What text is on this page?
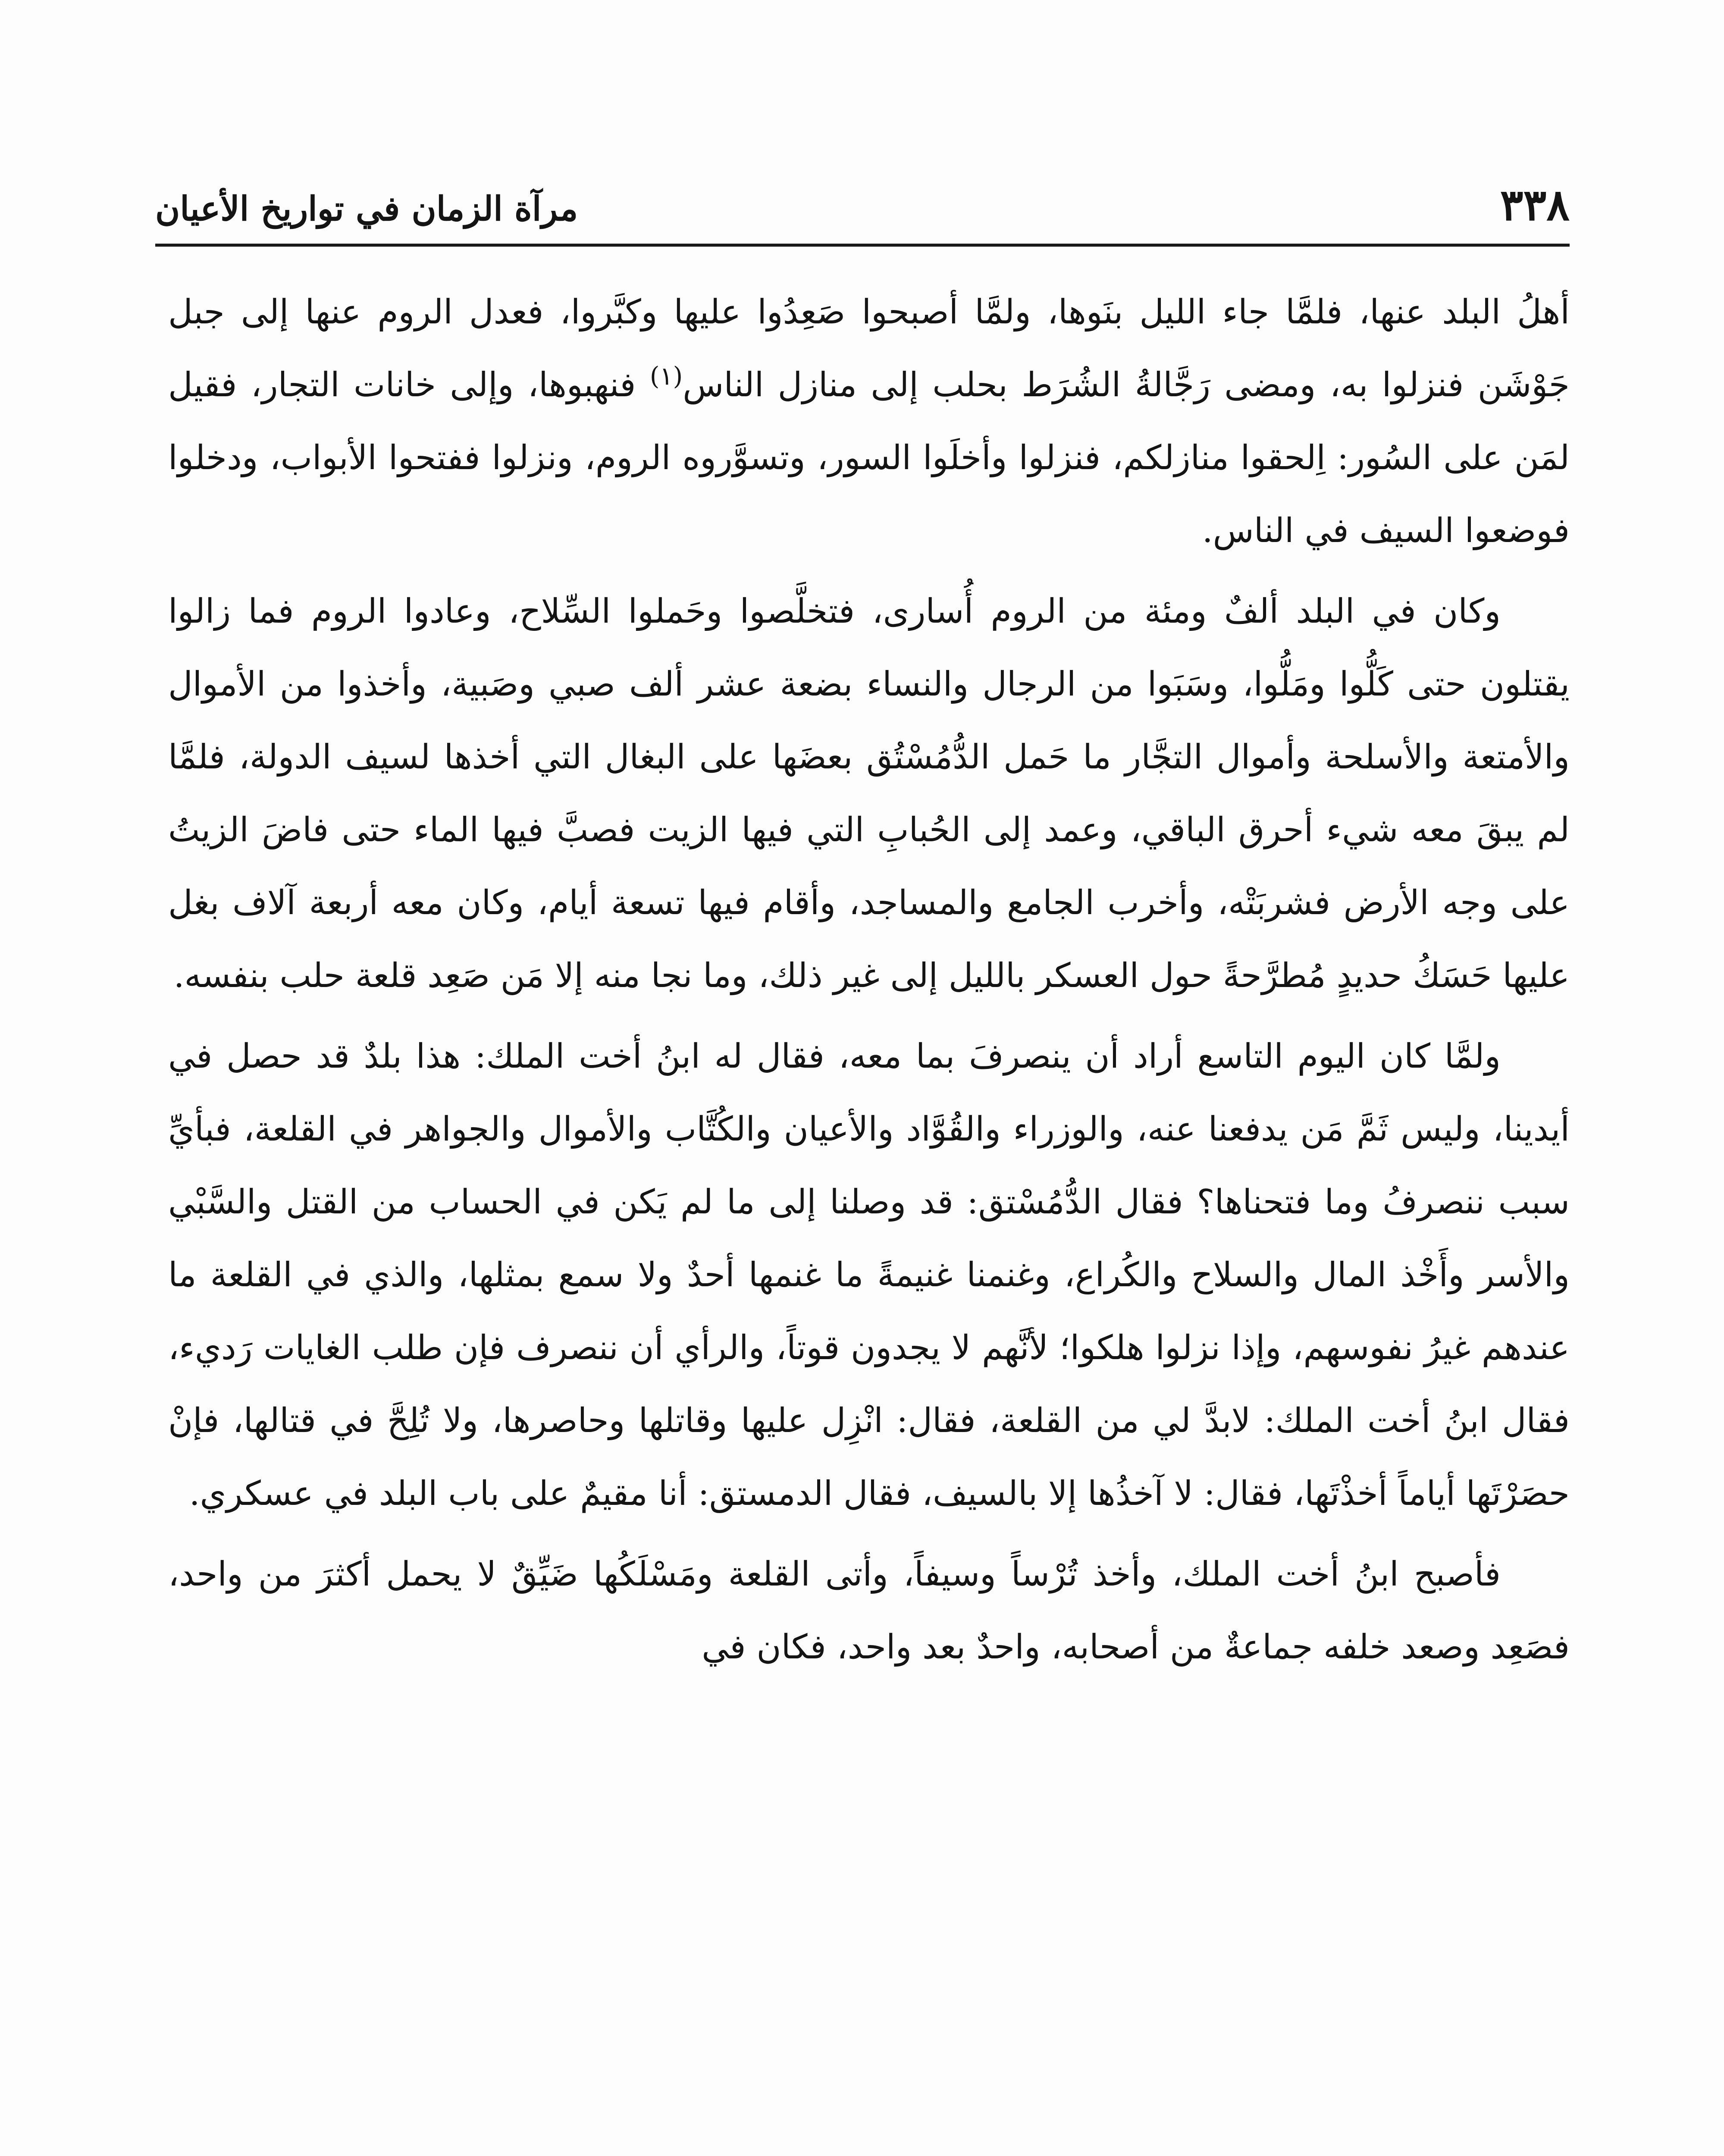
٣٣٨
مرآة الزمان في تواريخ الأعيان

أهلُ البلد عنها، فلمَّا جاء الليل بنَوها، ولمَّا أصبحوا صَعِدُوا عليها وكبَّروا، فعدل الروم عنها إلى جبل جَوْشَن فنزلوا به، ومضى رَجَّالةُ الشُرَط بحلب إلى منازل الناس$^{(١)}$ فنهبوها، وإلى خانات التجار، فقيل لمَن على السُور: اِلحقوا منازلكم، فنزلوا وأخلَوا السور، وتسوَّروه الروم، ونزلوا ففتحوا الأبواب، ودخلوا فوضعوا السيف في الناس.

وكان في البلد ألفٌ ومئة من الروم أُسارى، فتخلَّصوا وحَملوا السِّلاح، وعادوا الروم فما زالوا يقتلون حتى كَلُّوا ومَلُّوا، وسَبَوا من الرجال والنساء بضعة عشر ألف صبي وصَبية، وأخذوا من الأموال والأمتعة والأسلحة وأموال التجَّار ما حَمل الدُّمُسْتُق بعضَها على البغال التي أخذها لسيف الدولة، فلمَّا لم يبقَ معه شيء أحرق الباقي، وعمد إلى الحُبابِ التي فيها الزيت فصبَّ فيها الماء حتى فاضَ الزيتُ على وجه الأرض فشربَتْه، وأخرب الجامع والمساجد، وأقام فيها تسعة أيام، وكان معه أربعة آلاف بغل عليها حَسَكُ حديدٍ مُطرَّحةً حول العسكر بالليل إلى غير ذلك، وما نجا منه إلا مَن صَعِد قلعة حلب بنفسه.

ولمَّا كان اليوم التاسع أراد أن ينصرفَ بما معه، فقال له ابنُ أخت الملك: هذا بلدٌ قد حصل في أيدينا، وليس ثَمَّ مَن يدفعنا عنه، والوزراء والقُوَّاد والأعيان والكُتَّاب والأموال والجواهر في القلعة، فبأيِّ سبب ننصرفُ وما فتحناها؟ فقال الدُّمُسْتق: قد وصلنا إلى ما لم يَكن في الحساب من القتل والسَّبْي والأسر وأَخْذ المال والسلاح والكُراع، وغنمنا غنيمةً ما غنمها أحدٌ ولا سمع بمثلها، والذي في القلعة ما عندهم غيرُ نفوسهم، وإذا نزلوا هلكوا؛ لأنَّهم لا يجدون قوتاً، والرأي أن ننصرف فإن طلب الغايات رَديء، فقال ابنُ أخت الملك: لابدَّ لي من القلعة، فقال: انْزِل عليها وقاتلها وحاصرها، ولا تُلِحَّ في قتالها، فإنْ حصَرْتَها أياماً أخذْتَها، فقال: لا آخذُها إلا بالسيف، فقال الدمستق: أنا مقيمٌ على باب البلد في عسكري.

فأصبح ابنُ أخت الملك، وأخذ تُرْساً وسيفاً، وأتى القلعة ومَسْلَكُها ضَيِّقٌ لا يحمل أكثرَ من واحد، فصَعِد وصعد خلفه جماعةٌ من أصحابه، واحدٌ بعد واحد، فكان في
